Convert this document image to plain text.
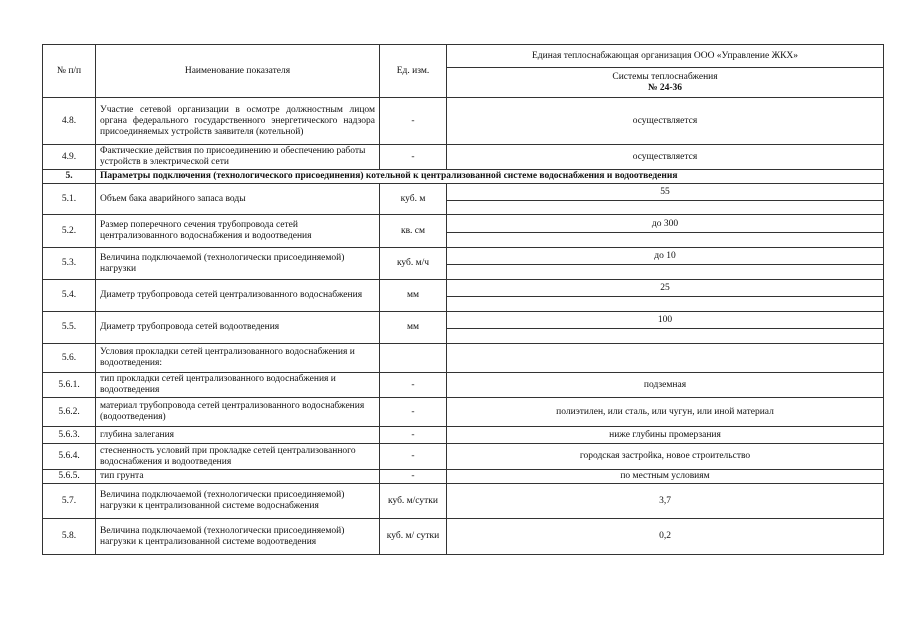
№ п/п	Наименование показателя	Ед. изм.	Единая теплоснабжающая организация ООО «Управление ЖКХ»
			Системы теплоснабжения
№ 24-36

4.8.	Участие сетевой организации в осмотре должностным лицом органа федерального государственного энергетического надзора присоединяемых устройств заявителя (котельной)	-	осуществляется
4.9.	Фактические действия по присоединению и обеспечению работы устройств в электрической сети	-	осуществляется
5.	Параметры подключения (технологического присоединения) котельной к централизованной системе водоснабжения и водоотведения		
5.1.	Объем бака аварийного запаса воды	куб. м	55

5.2.	Размер поперечного сечения трубопровода сетей централизованного водоснабжения и водоотведения	кв. см	до 300

5.3.	Величина подключаемой (технологически присоединяемой) нагрузки	куб. м/ч	до 10

5.4.	Диаметр трубопровода сетей централизованного водоснабжения	мм	25

5.5.	Диаметр трубопровода сетей водоотведения	мм	100

5.6.	Условия прокладки сетей централизованного водоснабжения и водоотведения:		
5.6.1.	тип прокладки сетей централизованного водоснабжения и водоотведения	-	подземная
5.6.2.	материал трубопровода сетей централизованного водоснабжения (водоотведения)	-	полиэтилен, или сталь, или чугун, или иной материал
5.6.3.	глубина залегания	-	ниже глубины промерзания
5.6.4.	стесненность условий при прокладке сетей централизованного водоснабжения и водоотведения	-	городская застройка, новое строительство
5.6.5.	тип грунта	-	по местным условиям
5.7.	Величина подключаемой (технологически присоединяемой) нагрузки к централизованной системе водоснабжения	куб. м/сутки	3,7
5.8.	Величина подключаемой (технологически присоединяемой) нагрузки к централизованной системе водоотведения	куб. м/ сутки	0,2
